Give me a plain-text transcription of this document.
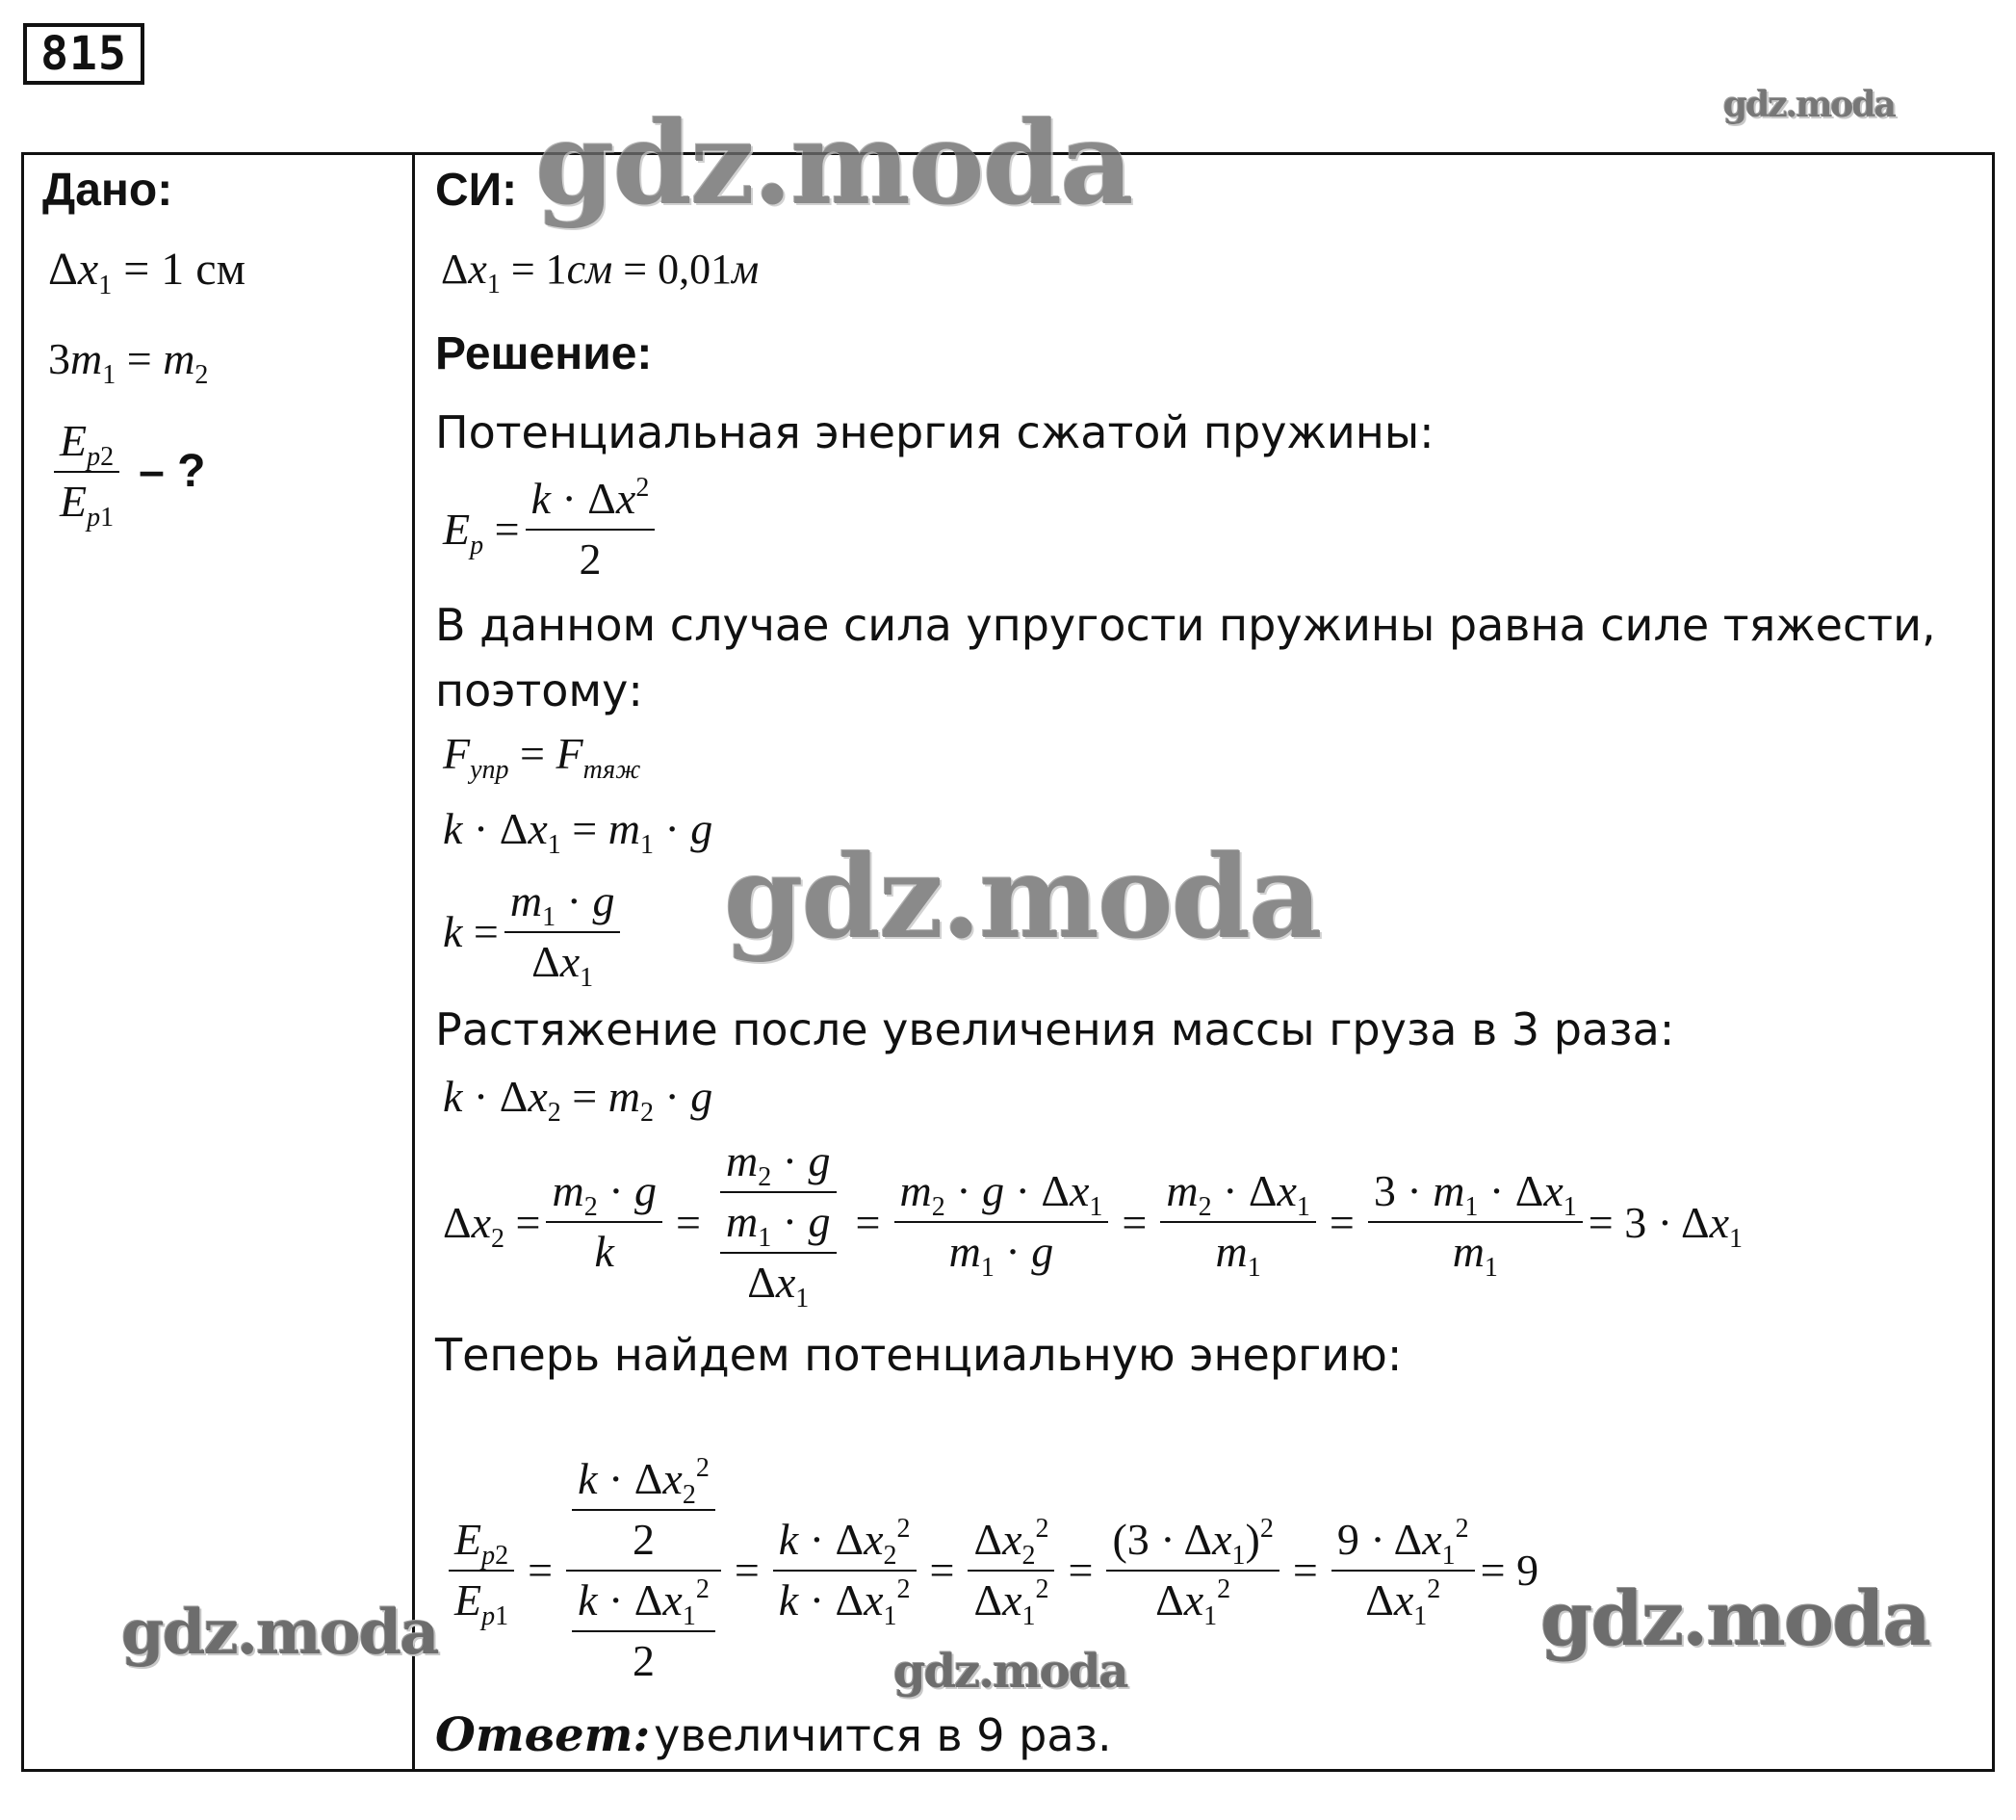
815
Дано:
$\Delta x_1 = 1$ см
$3m_1 = m_2$
$\frac{E_{p2}}{E_{p1}}$ – ?
СИ:
$\Delta x_1 = 1см = 0,01м$
Решение:
Потенциальная энергия сжатой пружины:
$E_p = \frac{k \cdot \Delta x^2}{2}$
В данном случае сила упругости пружины равна силе тяжести,
поэтому:
$F_{упр} = F_{тяж}$
$k \cdot \Delta x_1 = m_1 \cdot g$
$k = \frac{m_1 \cdot g}{\Delta x_1}$
Растяжение после увеличения массы груза в 3 раза:
$k \cdot \Delta x_2 = m_2 \cdot g$
$\Delta x_2 = \frac{m_2 \cdot g}{k} = \frac{m_2 \cdot g}{\frac{m_1 \cdot g}{\Delta x_1}} = \frac{m_2 \cdot g \cdot \Delta x_1}{m_1 \cdot g} = \frac{m_2 \cdot \Delta x_1}{m_1} = \frac{3 \cdot m_1 \cdot \Delta x_1}{m_1} = 3 \cdot \Delta x_1$
Теперь найдем потенциальную энергию:
$\frac{E_{p2}}{E_{p1}} = \frac{\frac{k \cdot \Delta x_2^2}{2}}{\frac{k \cdot \Delta x_1^2}{2}} = \frac{k \cdot \Delta x_2^2}{k \cdot \Delta x_1^2} = \frac{\Delta x_2^2}{\Delta x_1^2} = \frac{(3 \cdot \Delta x_1)^2}{\Delta x_1^2} = \frac{9 \cdot \Delta x_1^2}{\Delta x_1^2} = 9$
Ответ: увеличится в 9 раз.
gdz.moda
gdz.moda
gdz.moda
gdz.moda
gdz.moda
gdz.moda
